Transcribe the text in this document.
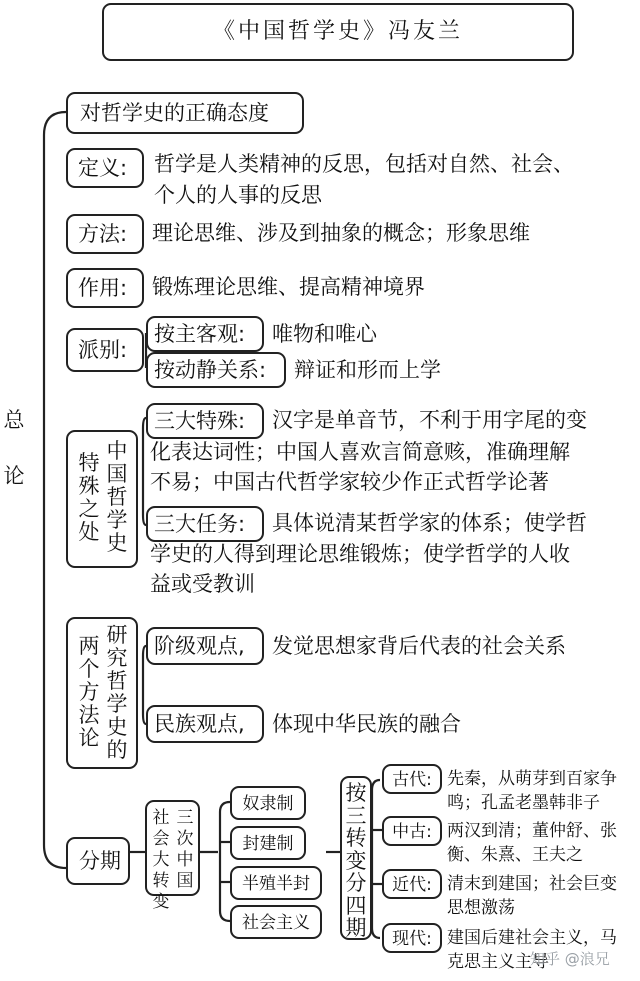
《中国哲学史》冯友兰
总论
对哲学史的正确态度
定义: 哲学是人类精神的反思，包括对自然、社会、
个人的人事的反思
方法: 理论思维、涉及到抽象的概念；形象思维
作用: 锻炼理论思维、提高精神境界
派别:
按主客观: 唯物和唯心
按动静关系: 辩证和形而上学
特殊之处
中国哲学史
三大特殊: 汉字是单音节，不利于用字尾的变
化表达词性；中国人喜欢言简意赅，准确理解
不易；中国古代哲学家较少作正式哲学论著
三大任务: 具体说清某哲学家的体系；使学哲
学史的人得到理论思维锻炼；使学哲学的人收
益或受教训
两个方法论
研究哲学史的
阶级观点, 发觉思想家背后代表的社会关系
民族观点, 体现中华民族的融合
分期
社会大转变
三次中国
奴隶制
封建制
半殖半封
社会主义
按三转变分四期
古代: 先秦，从萌芽到百家争
鸣；孔孟老墨韩非子
中古: 两汉到清；董仲舒、张
衡、朱熹、王夫之
近代: 清末到建国；社会巨变
思想激荡
现代: 建国后建社会主义，马
克思主义主导
知乎 @浪兄
